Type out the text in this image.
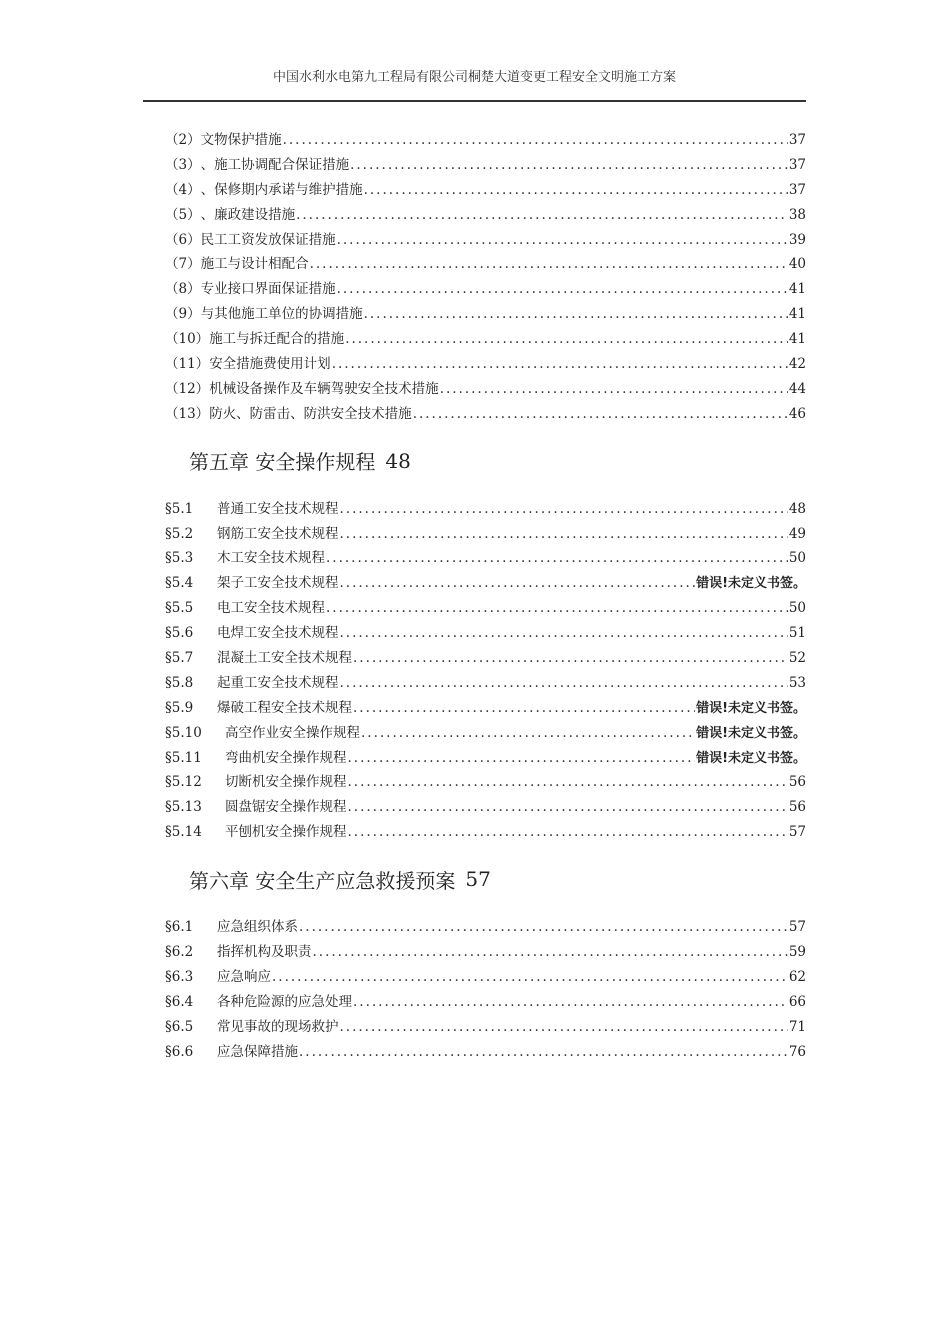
中国水利水电第九工程局有限公司桐楚大道变更工程安全文明施工方案
（2） 文物保护措施 .....	37
（3） 、施工协调配合保证措施 .....	37
（4） 、保修期内承诺与维护措施 .....	37
（5） 、廉政建设措施 .....	38
（6） 民工工资发放保证措施 .....	39
（7） 施工与设计相配合 .....	40
（8） 专业接口界面保证措施 .....	41
（9） 与其他施工单位的协调措施 .....	41
（10） 施工与拆迁配合的措施 .....	41
（11） 安全措施费使用计划 .....	42
（12） 机械设备操作及车辆驾驶安全技术措施 .....	44
（13） 防火、防雷击、防洪安全技术措施 .....	46
第五章 安全操作规程 48
§5.1	普通工安全技术规程 .....	48
§5.2	钢筋工安全技术规程 .....	49
§5.3	木工安全技术规程 .....	50
§5.4	架子工安全技术规程 .....	错误!未定义书签。
§5.5	电工安全技术规程 .....	50
§5.6	电焊工安全技术规程 .....	51
§5.7	混凝土工安全技术规程 .....	52
§5.8	起重工安全技术规程 .....	53
§5.9	爆破工程安全技术规程 .....	错误!未定义书签。
§5.10	高空作业安全操作规程 .....	错误!未定义书签。
§5.11	弯曲机安全操作规程 .....	错误!未定义书签。
§5.12	切断机安全操作规程 .....	56
§5.13	圆盘锯安全操作规程 .....	56
§5.14	平刨机安全操作规程 .....	57
第六章 安全生产应急救援预案 57
§6.1	应急组织体系 .....	57
§6.2	指挥机构及职责 .....	59
§6.3	应急响应 .....	62
§6.4	各种危险源的应急处理 .....	66
§6.5	常见事故的现场救护 .....	71
§6.6	应急保障措施 .....	76
